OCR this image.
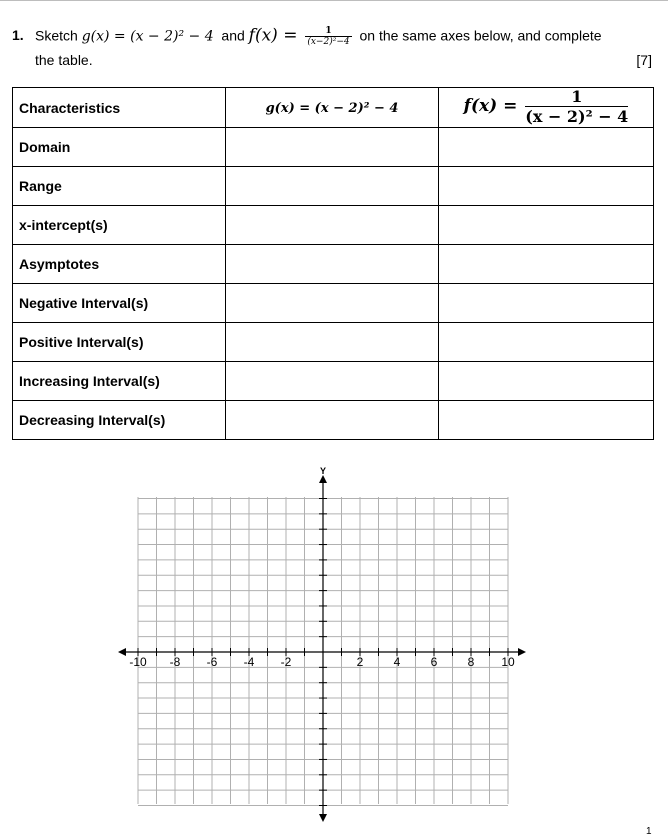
1. Sketch g(x) = (x − 2)² − 4 and $f(x) = \frac{1}{\text{(x−2)²−4}}$ on the same axes below, and complete
the table.	[7]
Characteristics	g(x) = (x − 2)² − 4	$f(x) = \frac{1}{\text{(x − 2)² − 4}}$

Domain		
Range		
x-intercept(s)		
Asymptotes		
Negative Interval(s)		
Positive Interval(s)		
Increasing Interval(s)		
Decreasing Interval(s)		
-10 -8 -6 -4 -2	2	4	6	8 10
Y
1
